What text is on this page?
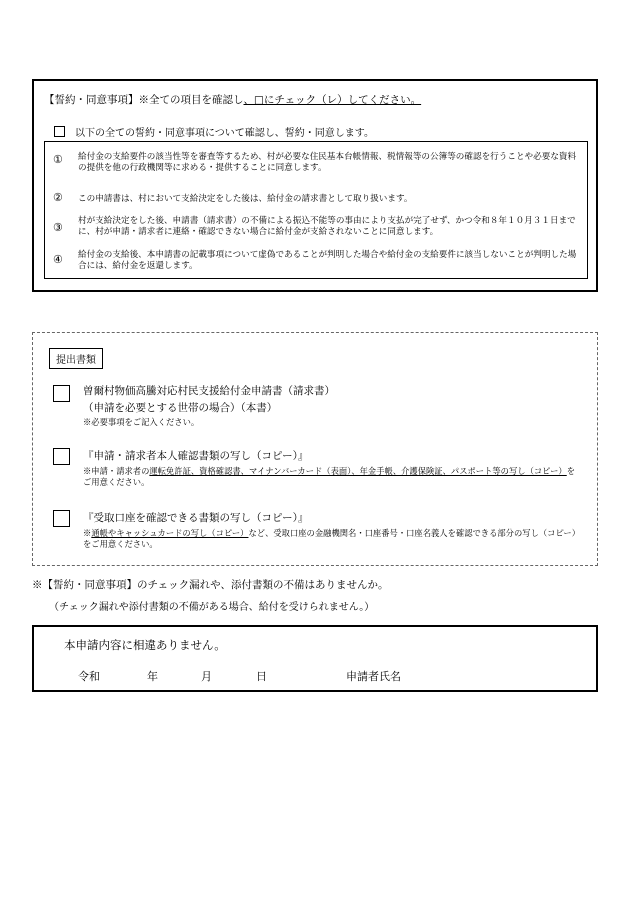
【誓約・同意事項】※全ての項目を確認し、□にチェック（レ）してください。
以下の全ての誓約・同意事項について確認し、誓約・同意します。
① 給付金の支給要件の該当性等を審査等するため、村が必要な住民基本台帳情報、税情報等の公簿等の確認を行うことや必要な資料の提供を他の行政機関等に求める・提供することに同意します。
② この申請書は、村において支給決定をした後は、給付金の請求書として取り扱います。
③ 村が支給決定をした後、申請書（請求書）の不備による振込不能等の事由により支払が完了せず、かつ令和８年１０月３１日までに、村が申請・請求者に連絡・確認できない場合に給付金が支給されないことに同意します。
④ 給付金の支給後、本申請書の記載事項について虚偽であることが判明した場合や給付金の支給要件に該当しないことが判明した場合には、給付金を返還します。
提出書類
曽爾村物価高騰対応村民支援給付金申請書（請求書）
（申請を必要とする世帯の場合）（本書）
※必要事項をご記入ください。
『申請・請求者本人確認書類の写し（コピー）』
※申請・請求者の運転免許証、資格確認書、マイナンバーカード（表面）、年金手帳、介護保険証、パスポート等の写し（コピー）をご用意ください。
『受取口座を確認できる書類の写し（コピー）』
※通帳やキャッシュカードの写し（コピー）など、受取口座の金融機関名・口座番号・口座名義人を確認できる部分の写し（コピー）をご用意ください。
※【誓約・同意事項】のチェック漏れや、添付書類の不備はありませんか。
（チェック漏れや添付書類の不備がある場合、給付を受けられません。）
本申請内容に相違ありません。
令和	年	月	日	申請者氏名
